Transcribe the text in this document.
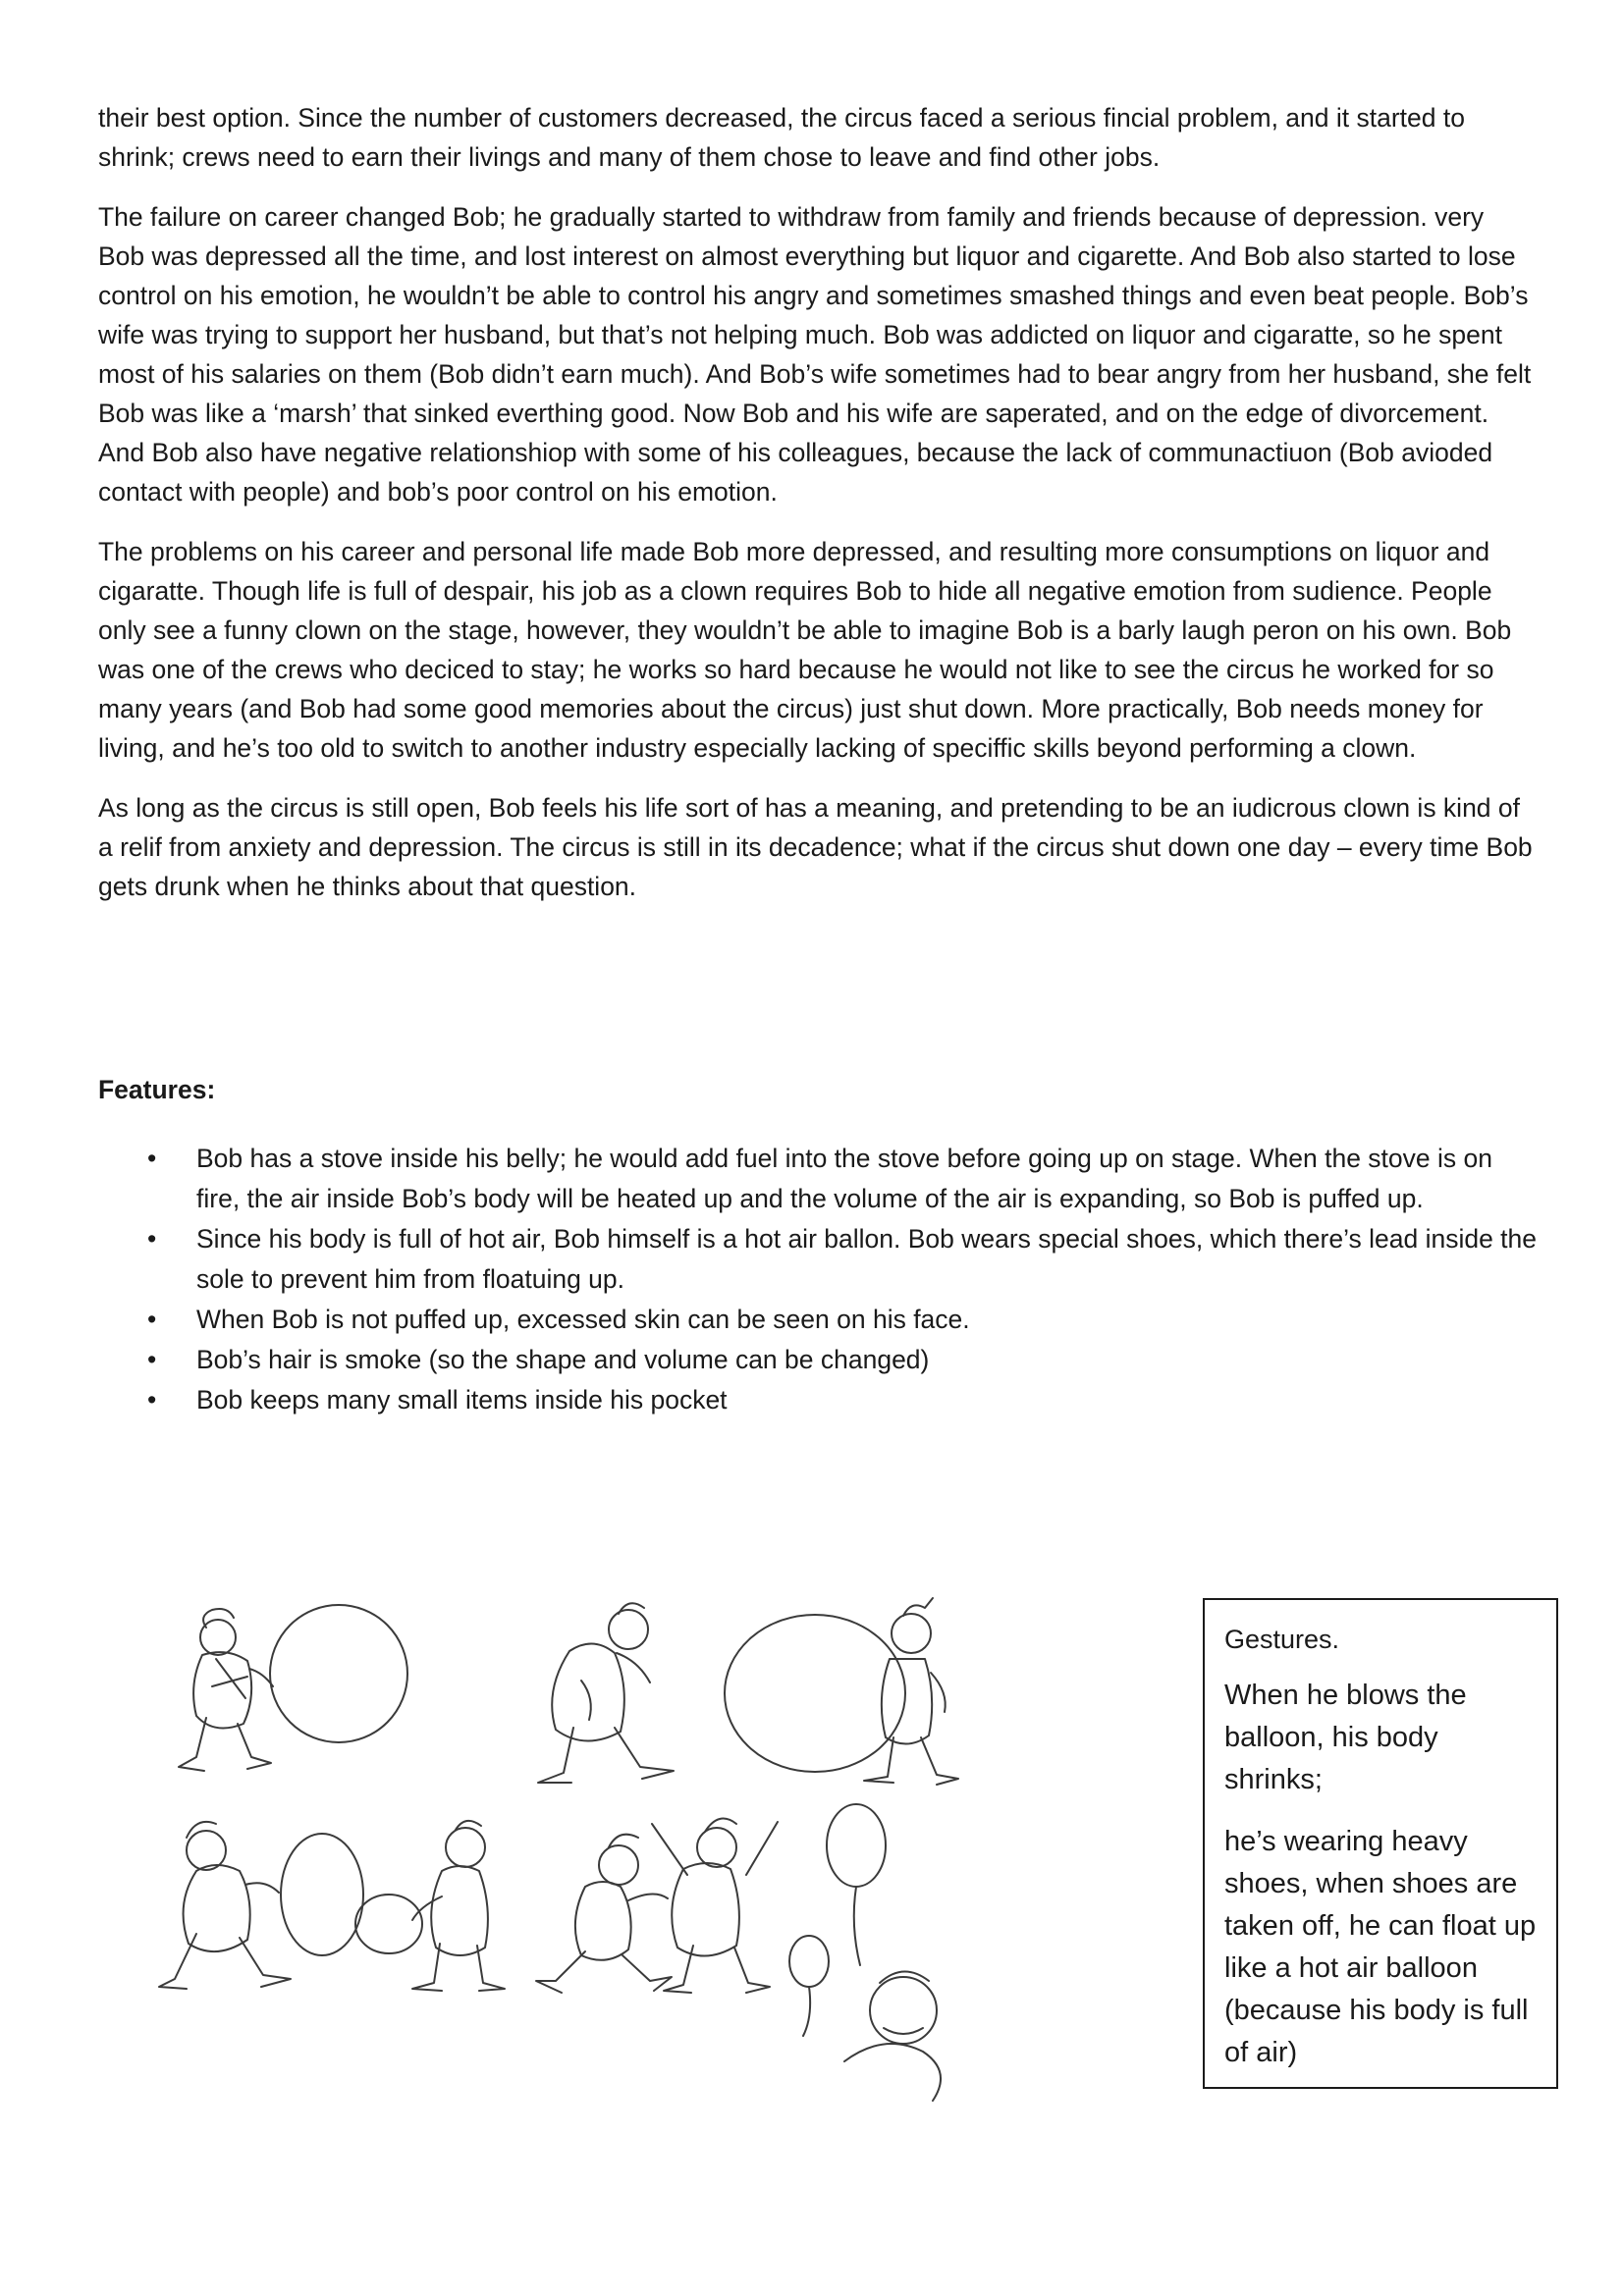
their best option. Since the number of customers decreased, the circus faced a serious fincial problem, and it started to shrink; crews need to earn their livings and many of them chose to leave and find other jobs.

The failure on career changed Bob; he gradually started to withdraw from family and friends because of depression. very Bob was depressed all the time, and lost interest on almost everything but liquor and cigarette. And Bob also started to lose control on his emotion, he wouldn’t be able to control his angry and sometimes smashed things and even beat people. Bob’s wife was trying to support her husband, but that’s not helping much. Bob was addicted on liquor and cigaratte, so he spent most of his salaries on them (Bob didn’t earn much). And Bob’s wife sometimes had to bear angry from her husband, she felt Bob was like a ‘marsh’ that sinked everthing good. Now Bob and his wife are saperated, and on the edge of divorcement. And Bob also have negative relationshiop with some of his colleagues, because the lack of communactiuon (Bob avioded contact with people) and bob’s poor control on his emotion.

The problems on his career and personal life made Bob more depressed, and resulting more consumptions on liquor and cigaratte. Though life is full of despair, his job as a clown requires Bob to hide all negative emotion from sudience. People only see a funny clown on the stage, however, they wouldn’t be able to imagine Bob is a barly laugh peron on his own. Bob was one of the crews who deciced to stay; he works so hard because he would not like to see the circus he worked for so many years (and Bob had some good memories about the circus) just shut down. More practically, Bob needs money for living, and he’s too old to switch to another industry especially lacking of speciffic skills beyond performing a clown.

As long as the circus is still open, Bob feels his life sort of has a meaning, and pretending to be an iudicrous clown is kind of a relif from anxiety and depression. The circus is still in its decadence; what if the circus shut down one day – every time Bob gets drunk when he thinks about that question.

Features:
• Bob has a stove inside his belly; he would add fuel into the stove before going up on stage. When the stove is on fire, the air inside Bob’s body will be heated up and the volume of the air is expanding, so Bob is puffed up.
• Since his body is full of hot air, Bob himself is a hot air ballon. Bob wears special shoes, which there’s lead inside the sole to prevent him from floatuing up.
• When Bob is not puffed up, excessed skin can be seen on his face.
• Bob’s hair is smoke (so the shape and volume can be changed)
• Bob keeps many small items inside his pocket

Gestures.

When he blows the balloon, his body shrinks;

he’s wearing heavy shoes, when shoes are taken off, he can float up like a hot air balloon (because his body is full of air)
